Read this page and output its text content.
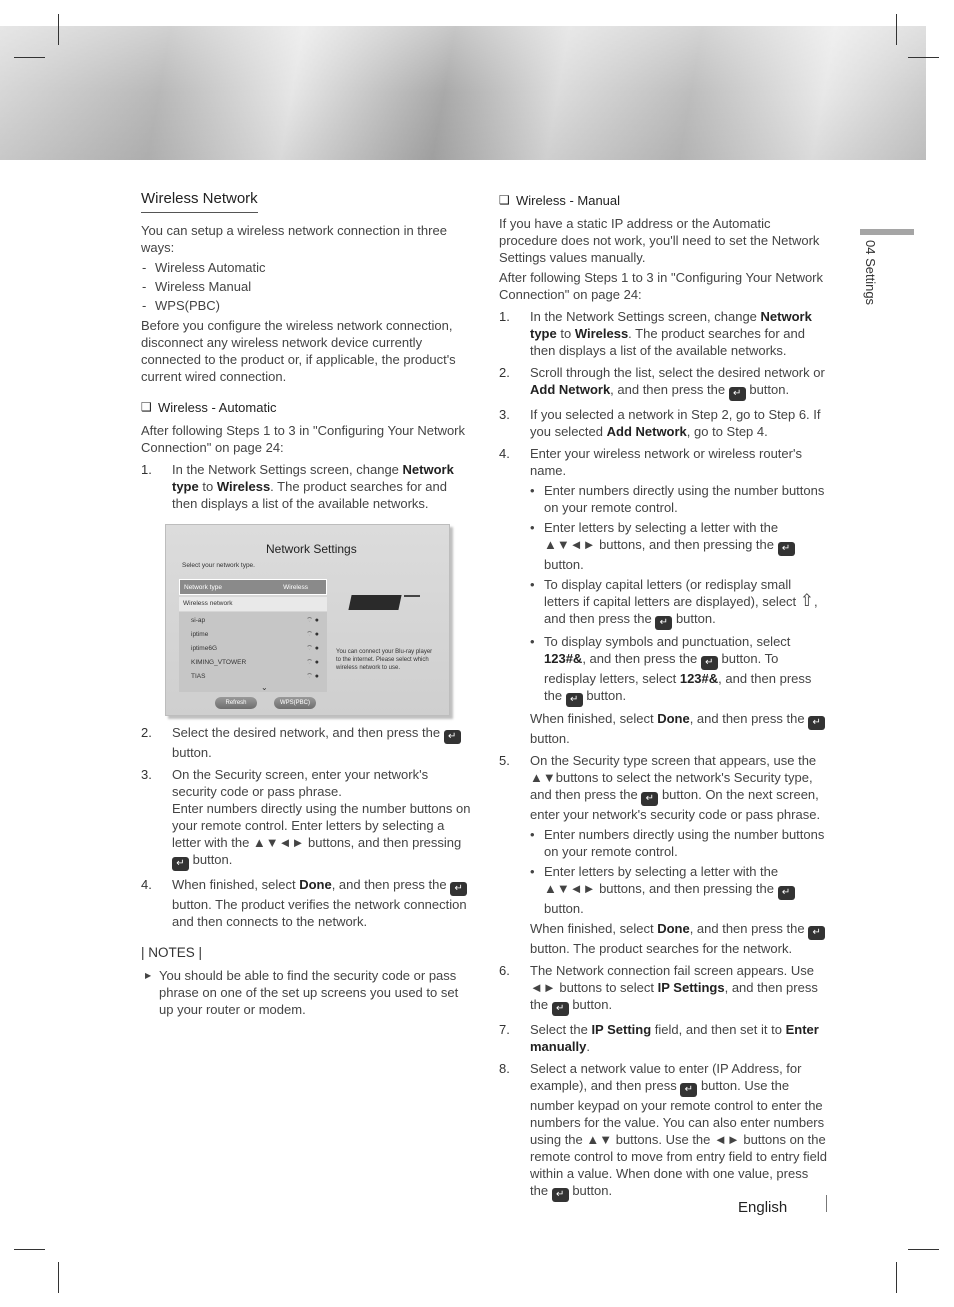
Wireless Network

You can setup a wireless network connection in three ways:

- Wireless Automatic
- Wireless Manual
- WPS(PBC)

Before you configure the wireless network connection, disconnect any wireless network device currently connected to the product or, if applicable, the product's current wired connection.

❑ Wireless - Automatic

After following Steps 1 to 3 in "Configuring Your Network Connection" on page 24:

1.	In the Network Settings screen, change Network type to Wireless. The product searches for and then displays a list of the available networks.
Network Settings
Select your network type.
Network type	Wireless
Wireless network
si-ap	⌔ ●
iptime	⌔ ●
iptime6G	⌔ ●
KIMING_VTOWER	⌔ ●
TIAS	⌔ ●
⌄
You can connect your Blu-ray player to the internet. Please select which wireless network to use.
Refresh	WPS(PBC)
2.	Select the desired network, and then press the ↵ button.
3.	On the Security screen, enter your network's security code or pass phrase.
Enter numbers directly using the number buttons on your remote control. Enter letters by selecting a letter with the ▲▼◄► buttons, and then pressing ↵ button.
4.	When finished, select Done, and then press the ↵ button. The product verifies the network connection and then connects to the network.
| NOTES |
▶ You should be able to find the security code or pass phrase on one of the set up screens you used to set up your router or modem.
❑ Wireless - Manual

If you have a static IP address or the Automatic procedure does not work, you'll need to set the Network Settings values manually.

After following Steps 1 to 3 in "Configuring Your Network Connection" on page 24:

1.	In the Network Settings screen, change Network type to Wireless. The product searches for and then displays a list of the available networks.
2.	Scroll through the list, select the desired network or Add Network, and then press the ↵ button.
3.	If you selected a network in Step 2, go to Step 6. If you selected Add Network, go to Step 4.
4.	Enter your wireless network or wireless router's name.
• Enter numbers directly using the number buttons on your remote control.
• Enter letters by selecting a letter with the ▲▼◄► buttons, and then pressing the ↵ button.
• To display capital letters (or redisplay small letters if capital letters are displayed), select ⇧, and then press the ↵ button.
• To display symbols and punctuation, select 123#&, and then press the ↵ button. To redisplay letters, select 123#&, and then press the ↵ button.
When finished, select Done, and then press the ↵ button.
5.	On the Security type screen that appears, use the ▲▼buttons to select the network's Security type, and then press the ↵ button. On the next screen, enter your network's security code or pass phrase.
• Enter numbers directly using the number buttons on your remote control.
• Enter letters by selecting a letter with the ▲▼◄► buttons, and then pressing the ↵ button.
When finished, select Done, and then press the ↵ button. The product searches for the network.
6.	The Network connection fail screen appears. Use ◄► buttons to select IP Settings, and then press the ↵ button.
7.	Select the IP Setting field, and then set it to Enter manually.
8.	Select a network value to enter (IP Address, for example), and then press ↵ button. Use the number keypad on your remote control to enter the numbers for the value. You can also enter numbers using the ▲▼ buttons. Use the ◄► buttons on the remote control to move from entry field to entry field within a value. When done with one value, press the ↵ button.
04 Settings
English
